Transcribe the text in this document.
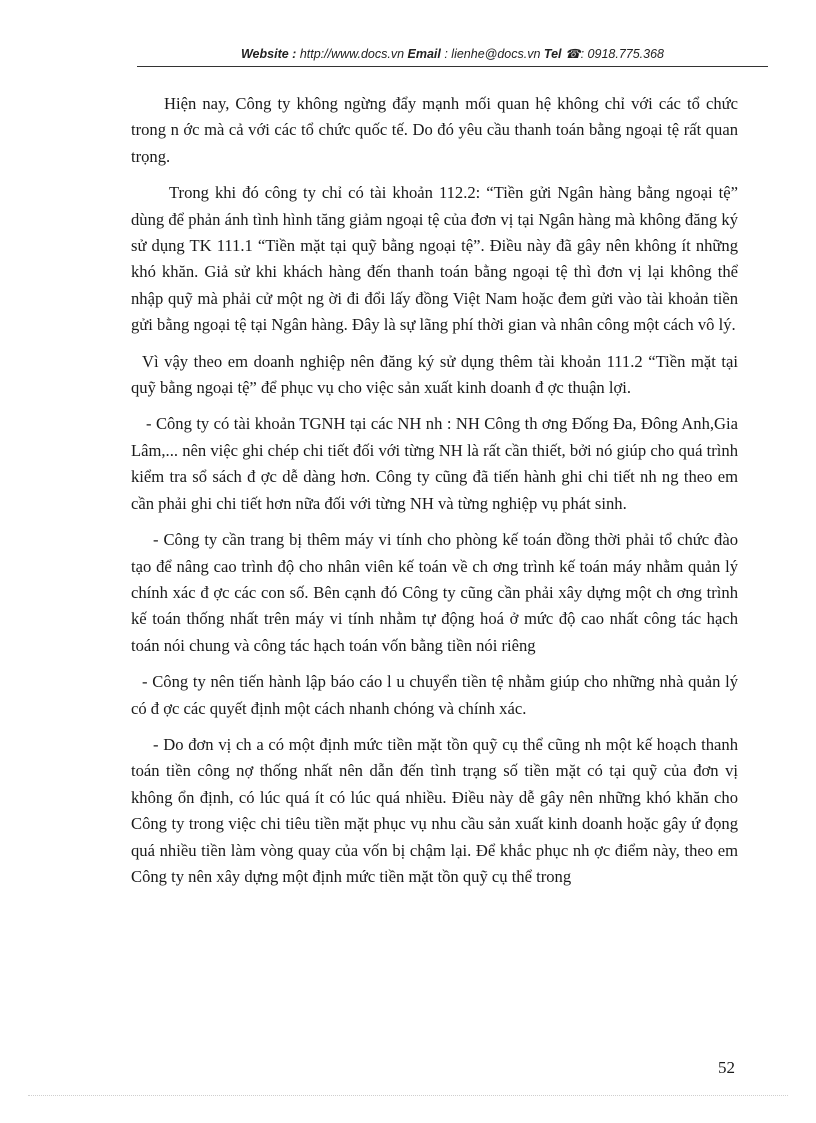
Website : http://www.docs.vn Email : lienhe@docs.vn Tel ☎: 0918.775.368

Hiện nay, Công ty không ngừng đẩy mạnh mối quan hệ không chỉ với các tổ chức trong n ớc mà cả với các tổ chức quốc tế. Do đó yêu cầu thanh toán bằng ngoại tệ rất quan trọng.

Trong khi đó công ty chỉ có tài khoản 112.2: “Tiền gửi Ngân hàng bằng ngoại tệ” dùng để phản ánh tình hình tăng giảm ngoại tệ của đơn vị tại Ngân hàng mà không đăng ký sử dụng TK 111.1 “Tiền mặt tại quỹ bằng ngoại tệ”. Điều này đã gây nên không ít những khó khăn. Giả sử khi khách hàng đến thanh toán bằng ngoại tệ thì đơn vị lại không thể nhập quỹ mà phải cử một ng ời đi đổi lấy đồng Việt Nam hoặc đem gửi vào tài khoản tiền gửi bằng ngoại tệ tại Ngân hàng. Đây là sự lãng phí thời gian và nhân công một cách vô lý.

Vì vậy theo em doanh nghiệp nên đăng ký sử dụng thêm tài khoản 111.2 “Tiền mặt tại quỹ bằng ngoại tệ” để phục vụ cho việc sản xuất kinh doanh đ ợc thuận lợi.

- Công ty có tài khoản TGNH tại các NH nh : NH Công th ơng Đống Đa, Đông Anh,Gia Lâm,... nên việc ghi chép chi tiết đối với từng NH là rất cần thiết, bởi nó giúp cho quá trình kiểm tra sổ sách đ ợc dễ dàng hơn. Công ty cũng đã tiến hành ghi chi tiết nh ng theo em cần phải ghi chi tiết hơn nữa đối với từng NH và từng nghiệp vụ phát sinh.

- Công ty cần trang bị thêm máy vi tính cho phòng kế toán đồng thời phải tổ chức đào tạo để nâng cao trình độ cho nhân viên kế toán về ch ơng trình kế toán máy nhằm quản lý chính xác đ ợc các con số. Bên cạnh đó Công ty cũng cần phải xây dựng một ch ơng trình kế toán thống nhất trên máy vi tính nhằm tự động hoá ở mức độ cao nhất công tác hạch toán nói chung và công tác hạch toán vốn bằng tiền nói riêng

- Công ty nên tiến hành lập báo cáo l u chuyển tiền tệ nhằm giúp cho những nhà quản lý có đ ợc các quyết định một cách nhanh chóng và chính xác.

- Do đơn vị ch a có một định mức tiền mặt tồn quỹ cụ thể cũng nh một kế hoạch thanh toán tiền công nợ thống nhất nên dẫn đến tình trạng số tiền mặt có tại quỹ của đơn vị không ổn định, có lúc quá ít có lúc quá nhiều. Điều này dễ gây nên những khó khăn cho Công ty trong việc chi tiêu tiền mặt phục vụ nhu cầu sản xuất kinh doanh hoặc gây ứ đọng quá nhiều tiền làm vòng quay của vốn bị chậm lại. Để khắc phục nh ợc điểm này, theo em Công ty nên xây dựng một định mức tiền mặt tồn quỹ cụ thể trong

52
